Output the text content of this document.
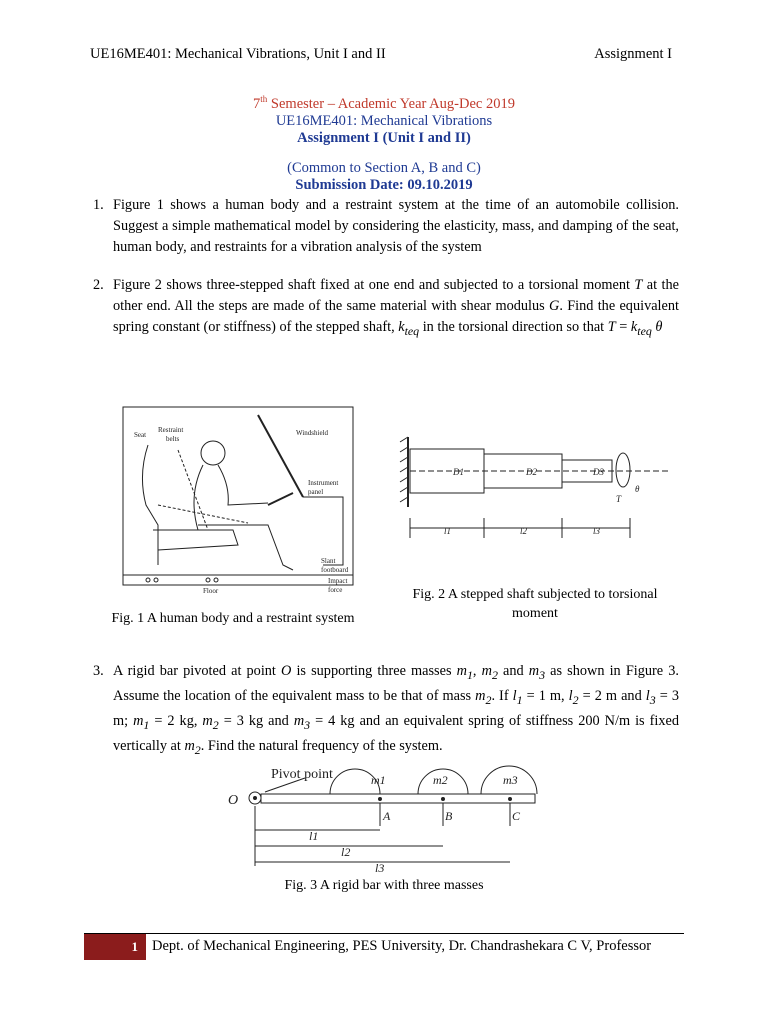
UE16ME401: Mechanical Vibrations, Unit I and II	Assignment I
7th Semester – Academic Year Aug-Dec 2019
UE16ME401: Mechanical Vibrations
Assignment I (Unit I and II)
(Common to Section A, B and C)
Submission Date: 09.10.2019
1. Figure 1 shows a human body and a restraint system at the time of an automobile collision. Suggest a simple mathematical model by considering the elasticity, mass, and damping of the seat, human body, and restraints for a vibration analysis of the system
2. Figure 2 shows three-stepped shaft fixed at one end and subjected to a torsional moment T at the other end. All the steps are made of the same material with shear modulus G. Find the equivalent spring constant (or stiffness) of the stepped shaft, $k_{teq}$ in the torsional direction so that $T = k_{teq}$ θ
Seat
Restraint
belts
Windshield
Instrument
panel
Slant
footboard
Impact
force
Floor
Fig. 1 A human body and a restraint system
D1	D2	D3
T
θ
l1	l2	l3
Fig. 2 A stepped shaft subjected to torsional moment
3. A rigid bar pivoted at point O is supporting three masses $m_1$, $m_2$ and $m_3$ as shown in Figure 3. Assume the location of the equivalent mass to be that of mass $m_2$. If $l_1 = 1$ m, $l_2 = 2$ m and $l_3 = 3$ m; $m_1 = 2$ kg, $m_2 = 3$ kg and $m_3 = 4$ kg and an equivalent spring of stiffness 200 N/m is fixed vertically at $m_2$. Find the natural frequency of the system.
Pivot point
O
m1	m2	m3
A	B	C
l1
l2
l3
Fig. 3 A rigid bar with three masses
1 Dept. of Mechanical Engineering, PES University, Dr. Chandrashekara C V, Professor
